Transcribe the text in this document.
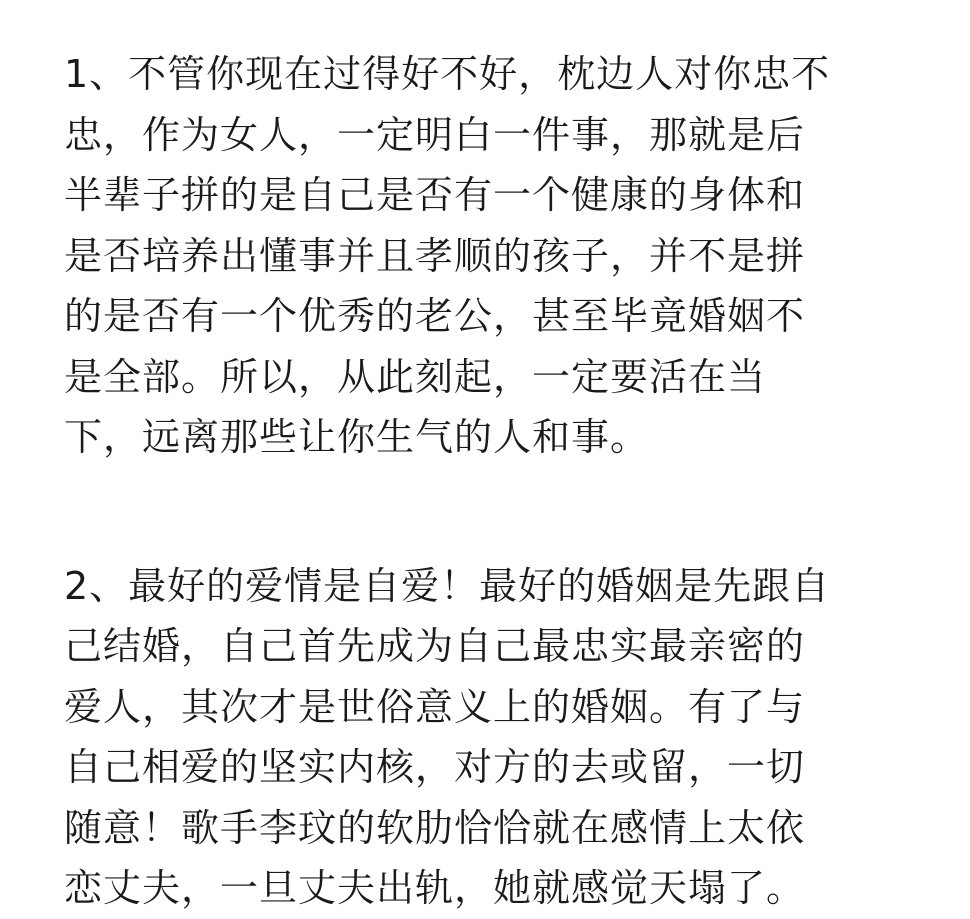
1、不管你现在过得好不好，枕边人对你忠不
忠，作为女人，一定明白一件事，那就是后
半辈子拼的是自己是否有一个健康的身体和
是否培养出懂事并且孝顺的孩子，并不是拼
的是否有一个优秀的老公，甚至毕竟婚姻不
是全部。所以，从此刻起，一定要活在当
下，远离那些让你生气的人和事。
2、最好的爱情是自爱！最好的婚姻是先跟自
己结婚，自己首先成为自己最忠实最亲密的
爱人，其次才是世俗意义上的婚姻。有了与
自己相爱的坚实内核，对方的去或留，一切
随意！歌手李玟的软肋恰恰就在感情上太依
恋丈夫，一旦丈夫出轨，她就感觉天塌了。
